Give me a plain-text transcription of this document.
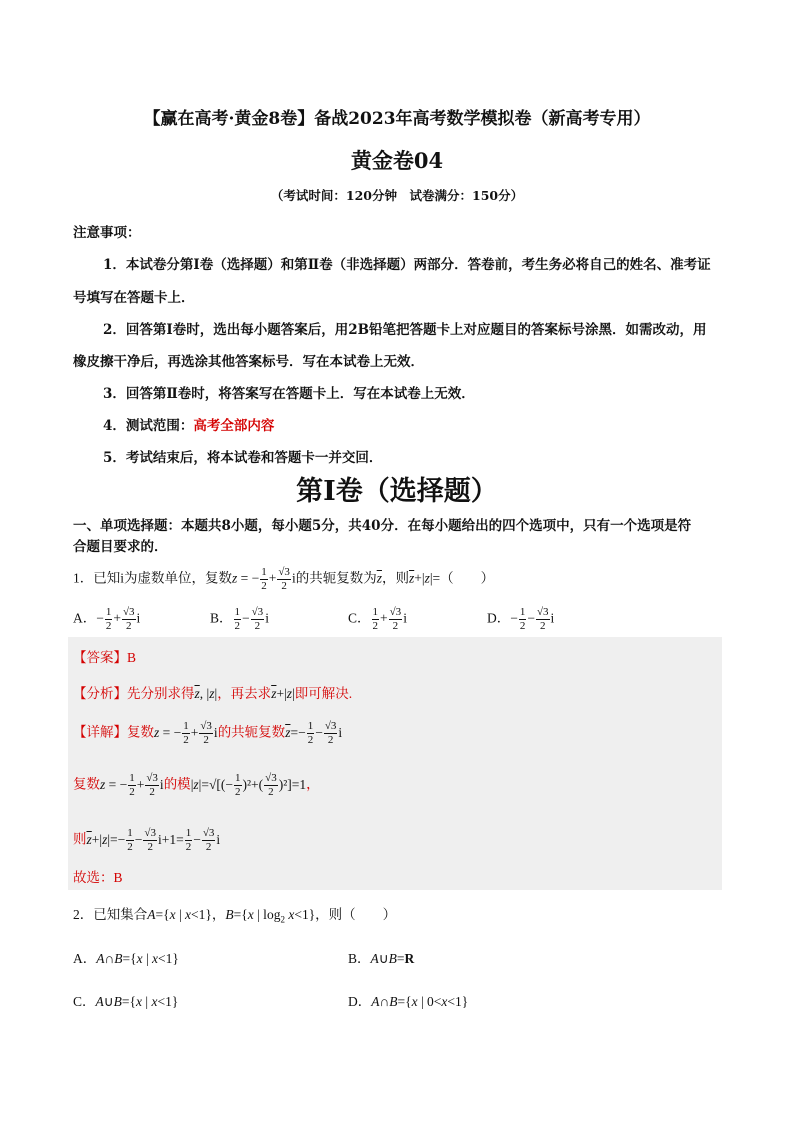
【赢在高考·黄金8卷】备战2023年高考数学模拟卷（新高考专用）
黄金卷04
（考试时间：120分钟　试卷满分：150分）
注意事项：
1．本试卷分第Ⅰ卷（选择题）和第Ⅱ卷（非选择题）两部分．答卷前，考生务必将自己的姓名、准考证
号填写在答题卡上．
2．回答第Ⅰ卷时，选出每小题答案后，用2B铅笔把答题卡上对应题目的答案标号涂黑．如需改动，用
橡皮擦干净后，再选涂其他答案标号．写在本试卷上无效．
3．回答第Ⅱ卷时，将答案写在答题卡上．写在本试卷上无效．
4．测试范围：高考全部内容
5．考试结束后，将本试卷和答题卡一并交回．
第Ⅰ卷（选择题）
一、单项选择题：本题共8小题，每小题5分，共40分．在每小题给出的四个选项中，只有一个选项是符
合题目要求的．
1．已知i为虚数单位，复数z = − $\frac{1}{2} + \frac{√3}{2}$ i的共轭复数为$\overline{z}$，则$\overline{z}+|z|=$（　　）
A．− $\frac{1}{2} + \frac{√3}{2}$ i	B． $\frac{1}{2} - \frac{√3}{2}$ i	C． $\frac{1}{2} + \frac{√3}{2}$ i	D．− $\frac{1}{2} - \frac{√3}{2}$ i
【答案】B
【分析】先分别求得$\overline{z}$, |z|，再去求$\overline{z}+|z|$即可解决.
【详解】复数z = − $\frac{1}{2} + \frac{√3}{2}$ i的共轭复数$\overline{z}=- \frac{1}{2} - \frac{√3}{2}$ i
复数z = − $\frac{1}{2} + \frac{√3}{2}$ i的模$|z|=√[(- \frac{1}{2} )^2+( \frac{√3}{2} )^2]=1$，
则$\overline{z}+|z|=- \frac{1}{2} - \frac{√3}{2} i+1= \frac{1}{2} - \frac{√3}{2}$ i
故选：B
2．已知集合A={x | x<1}，B={x | $\log_2 x<1$}，则（　　）
A．A∩B={x | x<1}	B．A∪B=R
C．A∪B={x | x<1}	D．A∩B={x | 0<x<1}
